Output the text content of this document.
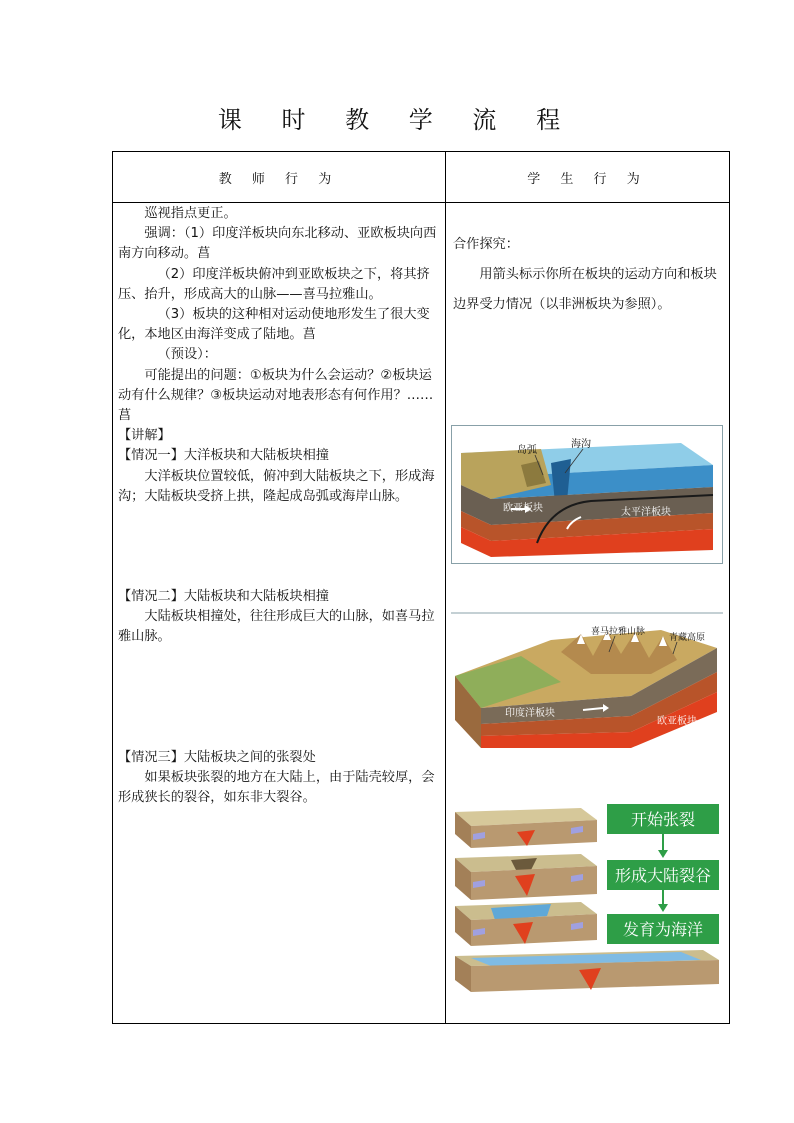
课 时 教 学 流 程
教 师 行 为	学 生 行 为

巡视指点更正。

强调：（1）印度洋板块向东北移动、亚欧板块向西南方向移动。菖

（2）印度洋板块俯冲到亚欧板块之下，将其挤压、抬升，形成高大的山脉——喜马拉雅山。

（3）板块的这种相对运动使地形发生了很大变化，本地区由海洋变成了陆地。菖

（预设）：

可能提出的问题：①板块为什么会运动？②板块运动有什么规律？③板块运动对地表形态有何作用？……菖

【讲解】

【情况一】大洋板块和大陆板块相撞

大洋板块位置较低，俯冲到大陆板块之下，形成海沟；大陆板块受挤上拱，隆起成岛弧或海岸山脉。

【情况二】大陆板块和大陆板块相撞

大陆板块相撞处，往往形成巨大的山脉，如喜马拉雅山脉。

【情况三】大陆板块之间的张裂处

如果板块张裂的地方在大陆上，由于陆壳较厚，会形成狭长的裂谷，如东非大裂谷。

合作探究：

用箭头标示你所在板块的运动方向和板块边界受力情况（以非洲板块为参照）。

岛弧
海沟
欧亚板块	太平洋板块
喜马拉雅山脉
青藏高原
印度洋板块
欧亚板块
开始张裂
形成大陆裂谷
发育为海洋
